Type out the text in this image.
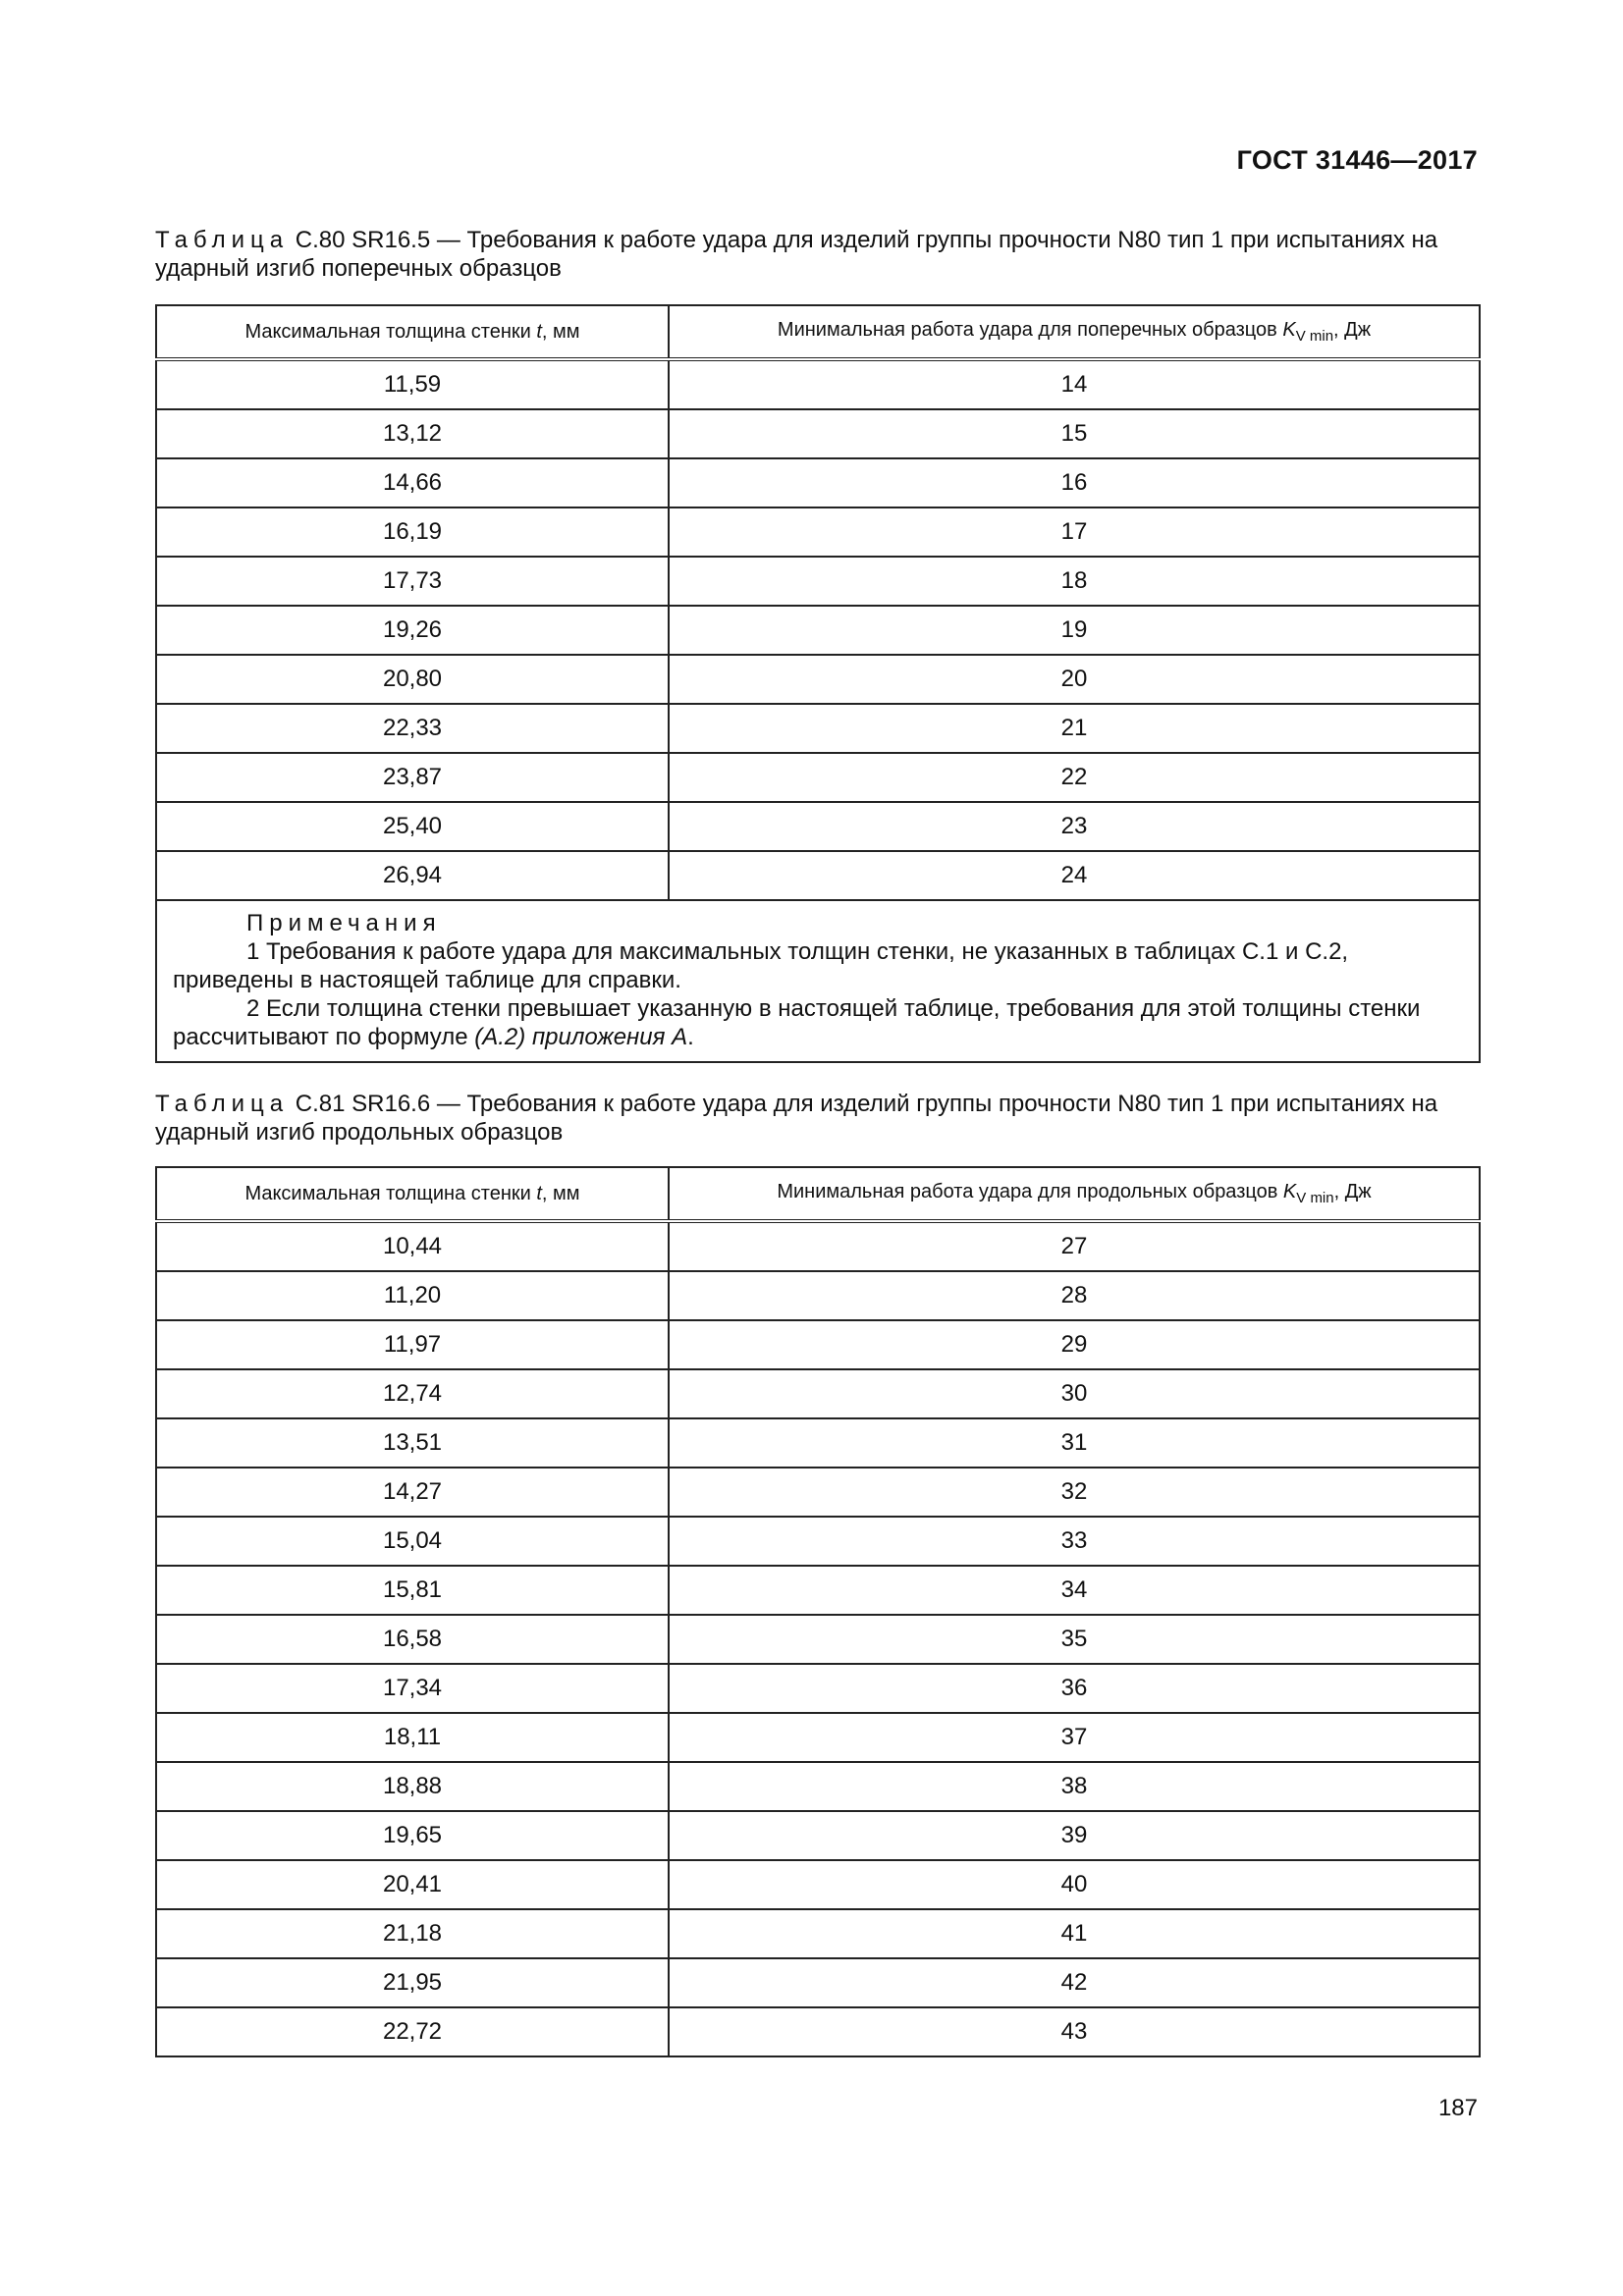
ГОСТ 31446—2017
Таблица С.80 SR16.5 — Требования к работе удара для изделий группы прочности N80 тип 1 при испытаниях на ударный изгиб поперечных образцов
Максимальная толщина стенки t, мм	Минимальная работа удара для поперечных образцов $K_{V min}$, Дж
11,59	14
13,12	15
14,66	16
16,19	17
17,73	18
19,26	19
20,80	20
22,33	21
23,87	22
25,40	23
26,94	24

Примечания
1 Требования к работе удара для максимальных толщин стенки, не указанных в таблицах С.1 и С.2, приведены в настоящей таблице для справки.
2 Если толщина стенки превышает указанную в настоящей таблице, требования для этой толщины стенки рассчитывают по формуле (А.2) приложения А.	
Таблица С.81 SR16.6 — Требования к работе удара для изделий группы прочности N80 тип 1 при испытаниях на ударный изгиб продольных образцов
Максимальная толщина стенки t, мм	Минимальная работа удара для продольных образцов $K_{V min}$, Дж
10,44	27
11,20	28
11,97	29
12,74	30
13,51	31
14,27	32
15,04	33
15,81	34
16,58	35
17,34	36
18,11	37
18,88	38
19,65	39
20,41	40
21,18	41
21,95	42
22,72	43
187
